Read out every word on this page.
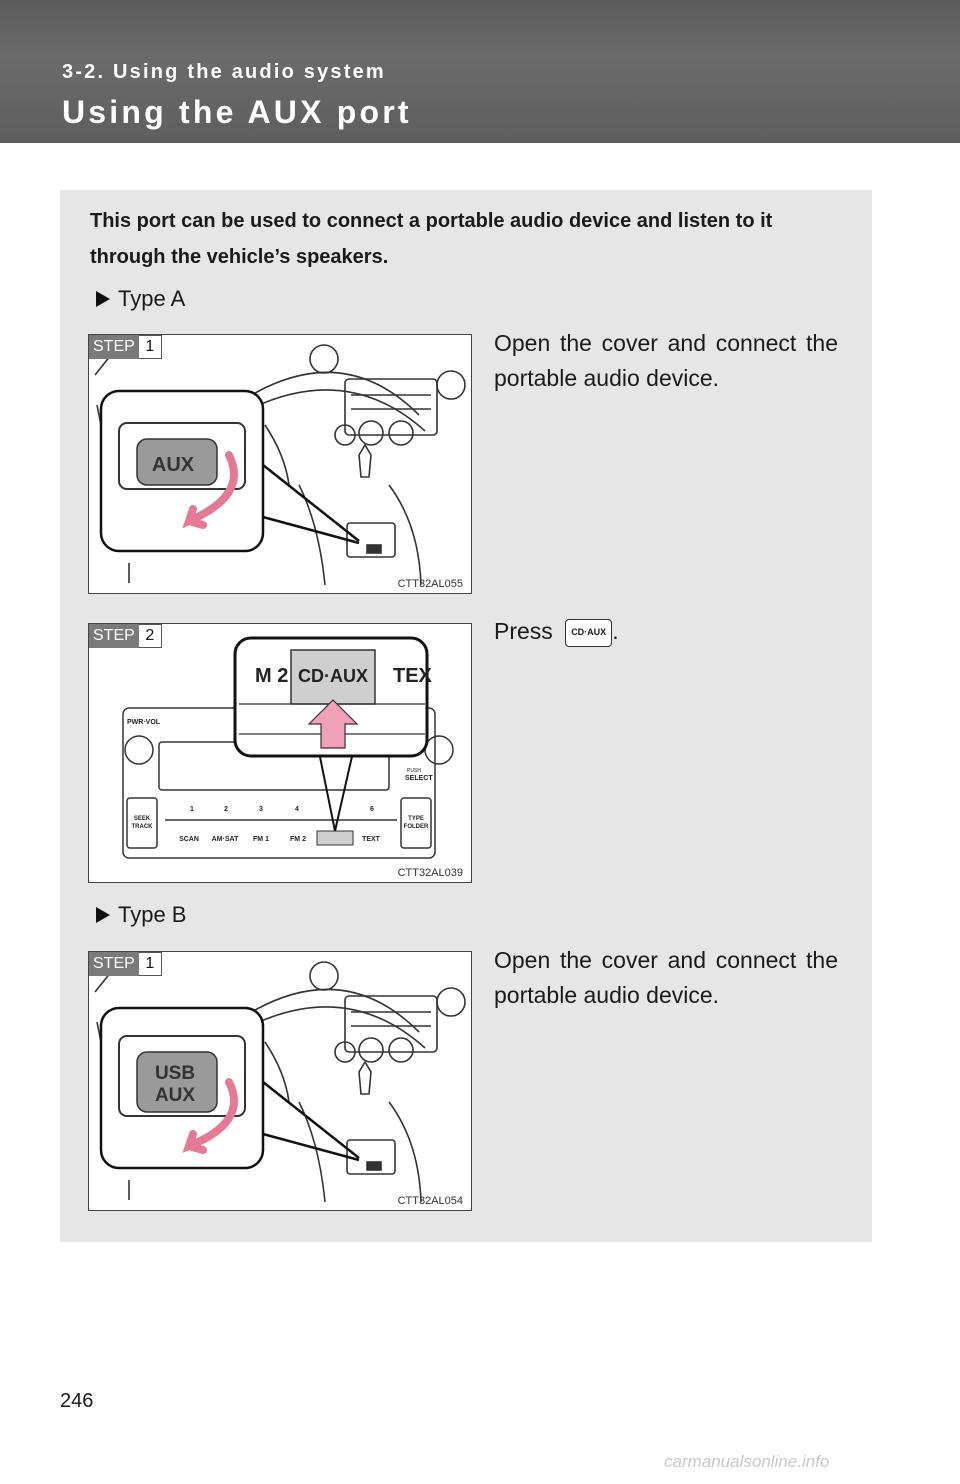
3-2. Using the audio system
Using the AUX port
This port can be used to connect a portable audio device and listen to it through the vehicle’s speakers.
Type A
AUX
STEP 1
CTT32AL055
Open the cover and connect the portable audio device.
PWR·VOL
PUSH
SELECT
SEEK
TRACK
TYPE
FOLDER
1	2	3	4	6
SCAN AM·SAT FM 1	FM 2	TEXT
M 2 CD·AUX TEX
STEP 2
CTT32AL039
Press CD·AUX .
Type B
USB
AUX
STEP 1
CTT32AL054
Open the cover and connect the portable audio device.
246
carmanualsonline.info
